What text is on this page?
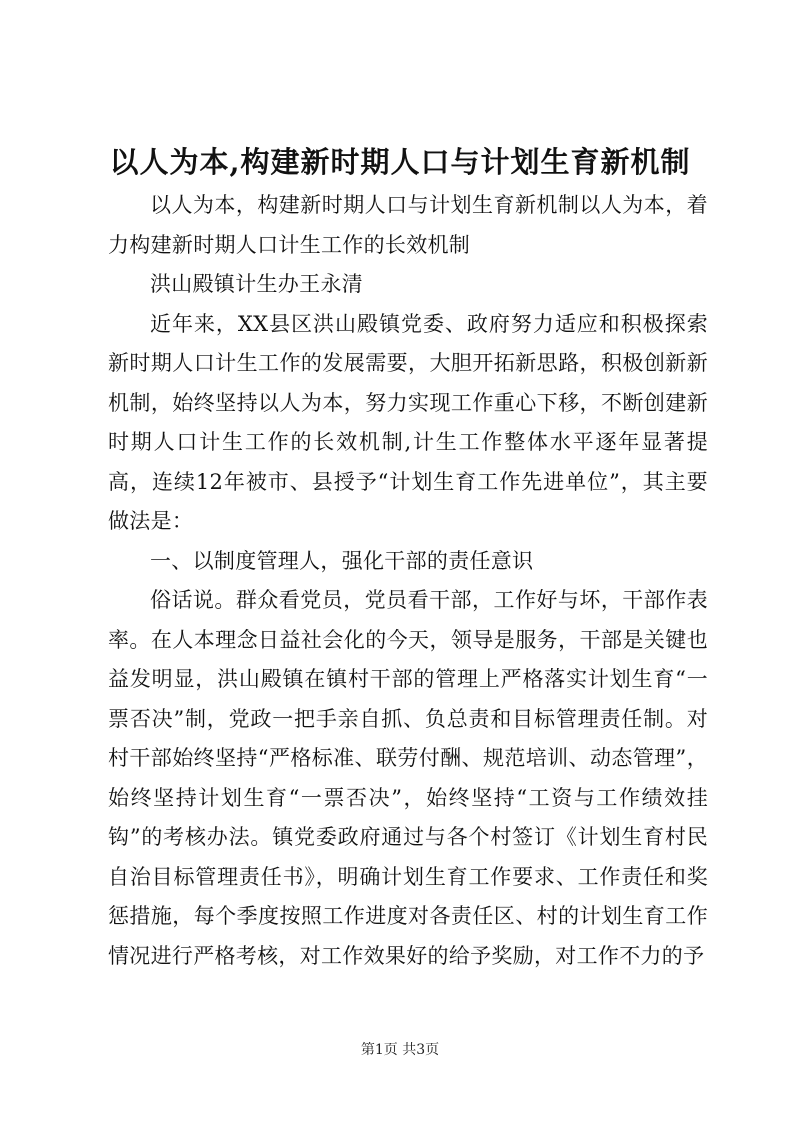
以人为本,构建新时期人口与计划生育新机制

以人为本，构建新时期人口与计划生育新机制以人为本，着力构建新时期人口计生工作的长效机制

洪山殿镇计生办王永清

近年来，XX县区洪山殿镇党委、政府努力适应和积极探索新时期人口计生工作的发展需要，大胆开拓新思路，积极创新新机制，始终坚持以人为本，努力实现工作重心下移，不断创建新时期人口计生工作的长效机制,计生工作整体水平逐年显著提高，连续12年被市、县授予“计划生育工作先进单位”，其主要做法是：

一、以制度管理人，强化干部的责任意识

俗话说。群众看党员，党员看干部，工作好与坏，干部作表率。在人本理念日益社会化的今天，领导是服务，干部是关键也益发明显，洪山殿镇在镇村干部的管理上严格落实计划生育“一票否决”制，党政一把手亲自抓、负总责和目标管理责任制。对村干部始终坚持“严格标准、联劳付酬、规范培训、动态管理”，始终坚持计划生育“一票否决”，始终坚持“工资与工作绩效挂钩”的考核办法。镇党委政府通过与各个村签订《计划生育村民自治目标管理责任书》，明确计划生育工作要求、工作责任和奖惩措施，每个季度按照工作进度对各责任区、村的计划生育工作情况进行严格考核，对工作效果好的给予奖励，对工作不力的予

第1页 共3页
